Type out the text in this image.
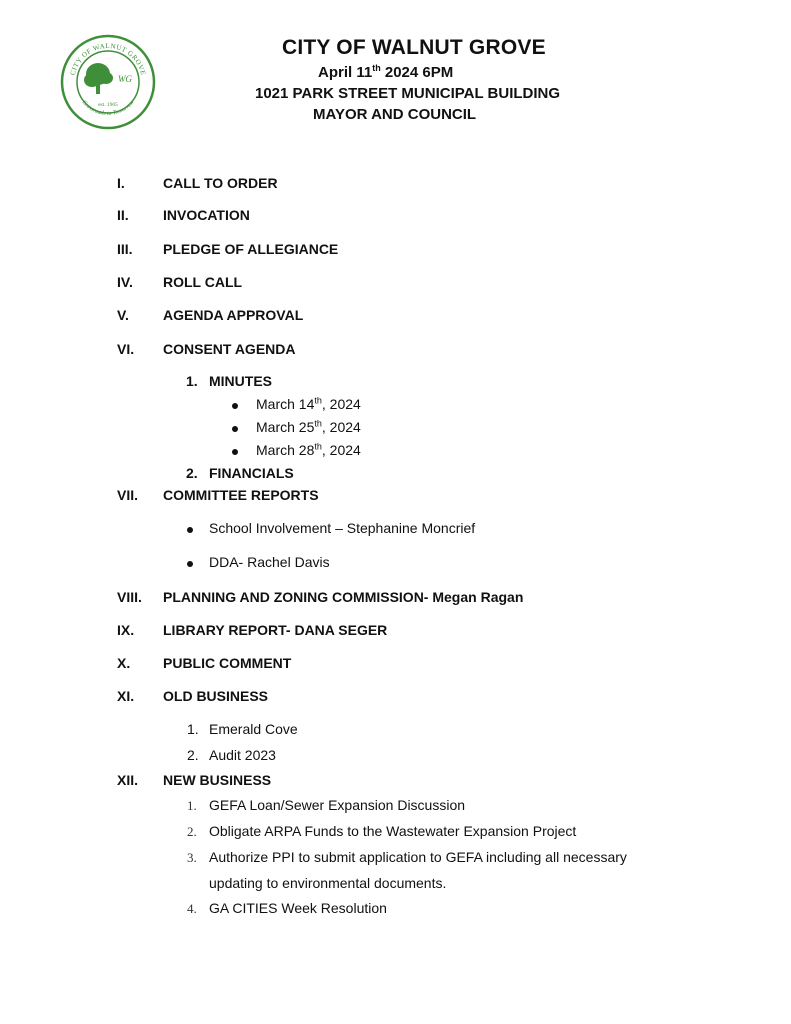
CITY OF WALNUT GROVE
Crossroads to Tomorrow
WG
est. 1905
CITY OF WALNUT GROVE
April 11th 2024 6PM
1021 PARK STREET MUNICIPAL BUILDING
MAYOR AND COUNCIL
I.	CALL TO ORDER
II. INVOCATION
III. PLEDGE OF ALLEGIANCE
IV. ROLL CALL
V. AGENDA APPROVAL
VI. CONSENT AGENDA
1. MINUTES
March 14th, 2024
March 25th, 2024
March 28th, 2024
2. FINANCIALS
VII. COMMITTEE REPORTS
School Involvement – Stephanine Moncrief
DDA- Rachel Davis
VIII. PLANNING AND ZONING COMMISSION- Megan Ragan
IX. LIBRARY REPORT- DANA SEGER
X. PUBLIC COMMENT
XI. OLD BUSINESS
1. Emerald Cove
2. Audit 2023
XII. NEW BUSINESS
1. GEFA Loan/Sewer Expansion Discussion
2. Obligate ARPA Funds to the Wastewater Expansion Project
3. Authorize PPI to submit application to GEFA including all necessary
updating to environmental documents.
4. GA CITIES Week Resolution
